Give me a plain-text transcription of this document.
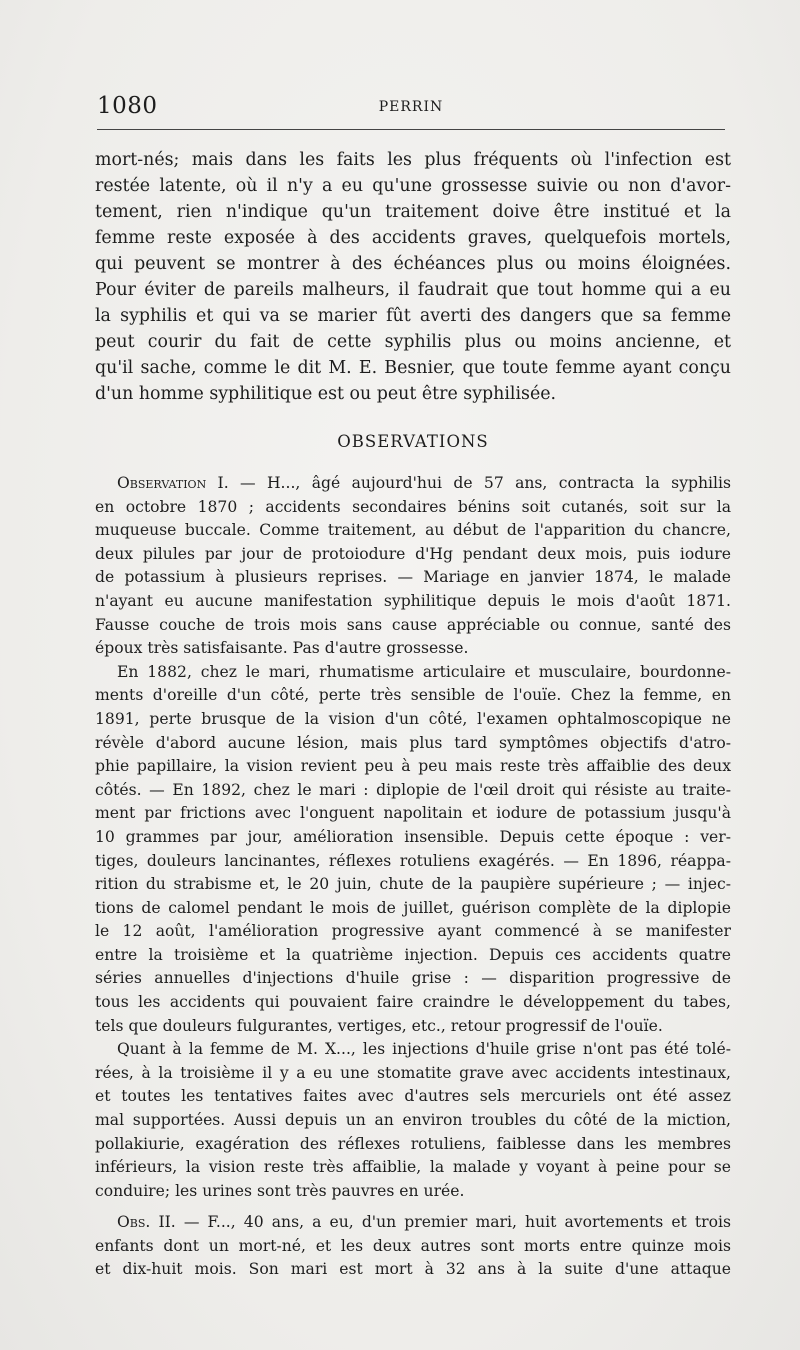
1080	PERRIN
mort-nés; mais dans les faits les plus fréquents où l'infection est
restée latente, où il n'y a eu qu'une grossesse suivie ou non d'avor-
tement, rien n'indique qu'un traitement doive être institué et la
femme reste exposée à des accidents graves, quelquefois mortels,
qui peuvent se montrer à des échéances plus ou moins éloignées.
Pour éviter de pareils malheurs, il faudrait que tout homme qui a eu
la syphilis et qui va se marier fût averti des dangers que sa femme
peut courir du fait de cette syphilis plus ou moins ancienne, et
qu'il sache, comme le dit M. E. Besnier, que toute femme ayant conçu
d'un homme syphilitique est ou peut être syphilisée.
OBSERVATIONS
Observation I. — H..., âgé aujourd'hui de 57 ans, contracta la syphilis
en octobre 1870 ; accidents secondaires bénins soit cutanés, soit sur la
muqueuse buccale. Comme traitement, au début de l'apparition du chancre,
deux pilules par jour de protoiodure d'Hg pendant deux mois, puis iodure
de potassium à plusieurs reprises. — Mariage en janvier 1874, le malade
n'ayant eu aucune manifestation syphilitique depuis le mois d'août 1871.
Fausse couche de trois mois sans cause appréciable ou connue, santé des
époux très satisfaisante. Pas d'autre grossesse.
En 1882, chez le mari, rhumatisme articulaire et musculaire, bourdonne-
ments d'oreille d'un côté, perte très sensible de l'ouïe. Chez la femme, en
1891, perte brusque de la vision d'un côté, l'examen ophtalmoscopique ne
révèle d'abord aucune lésion, mais plus tard symptômes objectifs d'atro-
phie papillaire, la vision revient peu à peu mais reste très affaiblie des deux
côtés. — En 1892, chez le mari : diplopie de l'œil droit qui résiste au traite-
ment par frictions avec l'onguent napolitain et iodure de potassium jusqu'à
10 grammes par jour, amélioration insensible. Depuis cette époque : ver-
tiges, douleurs lancinantes, réflexes rotuliens exagérés. — En 1896, réappa-
rition du strabisme et, le 20 juin, chute de la paupière supérieure ; — injec-
tions de calomel pendant le mois de juillet, guérison complète de la diplopie
le 12 août, l'amélioration progressive ayant commencé à se manifester
entre la troisième et la quatrième injection. Depuis ces accidents quatre
séries annuelles d'injections d'huile grise : — disparition progressive de
tous les accidents qui pouvaient faire craindre le développement du tabes,
tels que douleurs fulgurantes, vertiges, etc., retour progressif de l'ouïe.
Quant à la femme de M. X..., les injections d'huile grise n'ont pas été tolé-
rées, à la troisième il y a eu une stomatite grave avec accidents intestinaux,
et toutes les tentatives faites avec d'autres sels mercuriels ont été assez
mal supportées. Aussi depuis un an environ troubles du côté de la miction,
pollakiurie, exagération des réflexes rotuliens, faiblesse dans les membres
inférieurs, la vision reste très affaiblie, la malade y voyant à peine pour se
conduire; les urines sont très pauvres en urée.
Obs. II. — F..., 40 ans, a eu, d'un premier mari, huit avortements et trois
enfants dont un mort-né, et les deux autres sont morts entre quinze mois
et dix-huit mois. Son mari est mort à 32 ans à la suite d'une attaque
